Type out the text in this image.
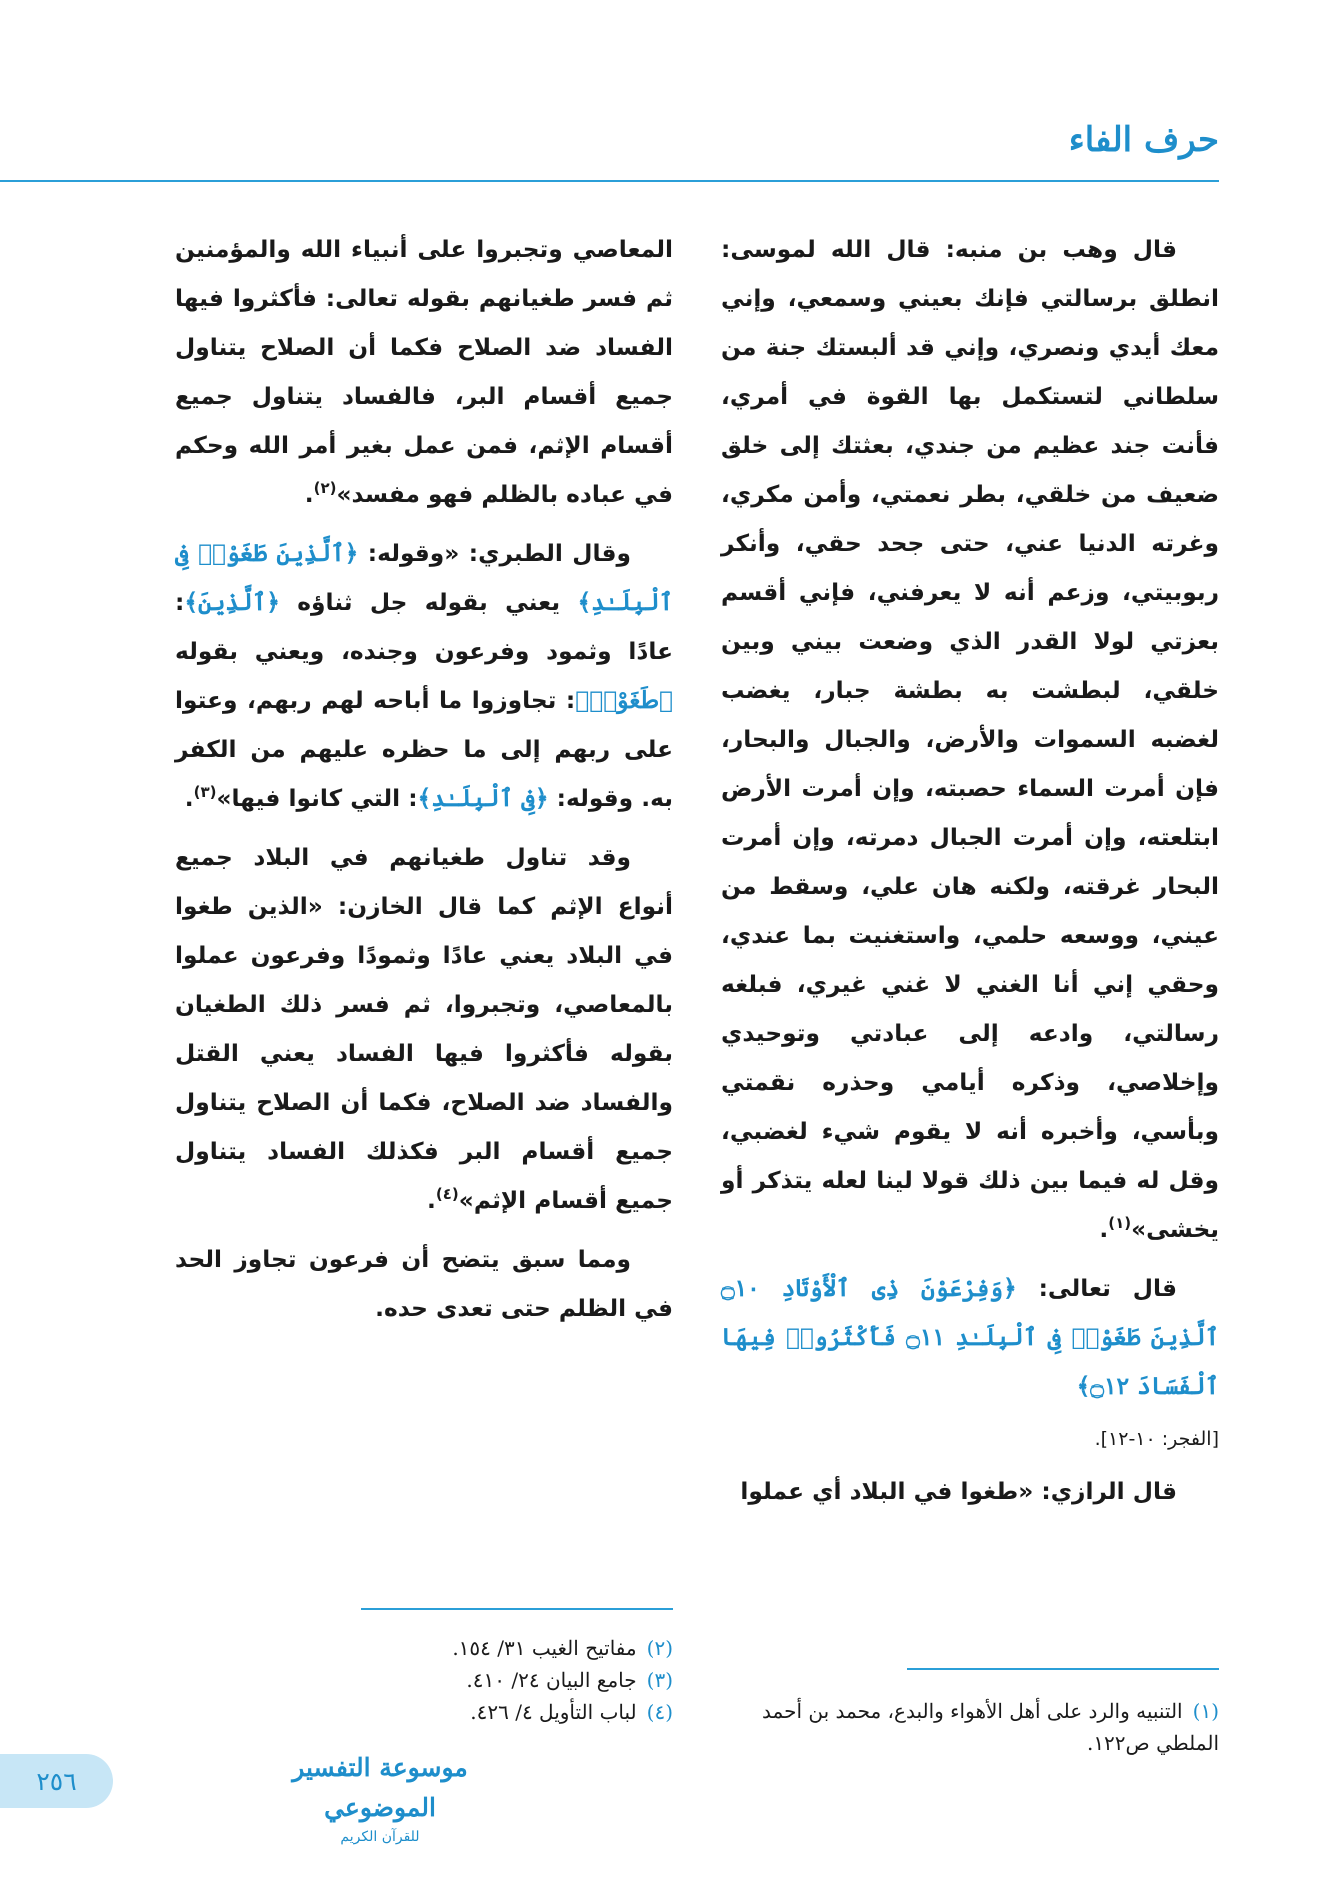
حرف الفاء

قال وهب بن منبه: قال الله لموسى: انطلق برسالتي فإنك بعيني وسمعي، وإني معك أيدي ونصري، وإني قد ألبستك جنة من سلطاني لتستكمل بها القوة في أمري، فأنت جند عظيم من جندي، بعثتك إلى خلق ضعيف من خلقي، بطر نعمتي، وأمن مكري، وغرته الدنيا عني، حتى جحد حقي، وأنكر ربوبيتي، وزعم أنه لا يعرفني، فإني أقسم بعزتي لولا القدر الذي وضعت بيني وبين خلقي، لبطشت به بطشة جبار، يغضب لغضبه السموات والأرض، والجبال والبحار، فإن أمرت السماء حصبته، وإن أمرت الأرض ابتلعته، وإن أمرت الجبال دمرته، وإن أمرت البحار غرقته، ولكنه هان علي، وسقط من عيني، ووسعه حلمي، واستغنيت بما عندي، وحقي إني أنا الغني لا غني غيري، فبلغه رسالتي، وادعه إلى عبادتي وتوحيدي وإخلاصي، وذكره أيامي وحذره نقمتي وبأسي، وأخبره أنه لا يقوم شيء لغضبي، وقل له فيما بين ذلك قولا لينا لعله يتذكر أو يخشى»$^{(١)}$.

قال تعالى: ﴿وَفِرْعَوْنَ ذِى ٱلْأَوْتَادِ ۝١٠ ٱلَّذِينَ طَغَوْا۟ فِى ٱلْبِلَـٰدِ ۝١١ فَأَكْثَرُوا۟ فِيهَا ٱلْفَسَادَ ۝١٢﴾

[الفجر: ١٠-١٢].

قال الرازي: «طغوا في البلاد أي عملوا

المعاصي وتجبروا على أنبياء الله والمؤمنين ثم فسر طغيانهم بقوله تعالى: فأكثروا فيها الفساد ضد الصلاح فكما أن الصلاح يتناول جميع أقسام البر، فالفساد يتناول جميع أقسام الإثم، فمن عمل بغير أمر الله وحكم في عباده بالظلم فهو مفسد»$^{(٢)}$.

وقال الطبري: «وقوله: ﴿ٱلَّذِينَ طَغَوْا۟ فِى ٱلْبِلَـٰدِ﴾ يعني بقوله جل ثناؤه ﴿ٱلَّذِينَ﴾: عادًا وثمود وفرعون وجنده، ويعني بقوله ﴿طَغَوْا۟﴾: تجاوزوا ما أباحه لهم ربهم، وعتوا على ربهم إلى ما حظره عليهم من الكفر به. وقوله: ﴿فِى ٱلْبِلَـٰدِ﴾: التي كانوا فيها»$^{(٣)}$.

وقد تناول طغيانهم في البلاد جميع أنواع الإثم كما قال الخازن: «الذين طغوا في البلاد يعني عادًا وثمودًا وفرعون عملوا بالمعاصي، وتجبروا، ثم فسر ذلك الطغيان بقوله فأكثروا فيها الفساد يعني القتل والفساد ضد الصلاح، فكما أن الصلاح يتناول جميع أقسام البر فكذلك الفساد يتناول جميع أقسام الإثم»$^{(٤)}$.

ومما سبق يتضح أن فرعون تجاوز الحد في الظلم حتى تعدى حده.

(٢)مفاتيح الغيب ٣١/ ١٥٤.

(٣)جامع البيان ٢٤/ ٤١٠.

(٤)لباب التأويل ٤/ ٤٢٦.	(١)التنبيه والرد على أهل الأهواء والبدع، محمد بن أحمد الملطي ص١٢٢.

٢٥٦	موسوعة التفسير الموضوعي
للقرآن الكريم
